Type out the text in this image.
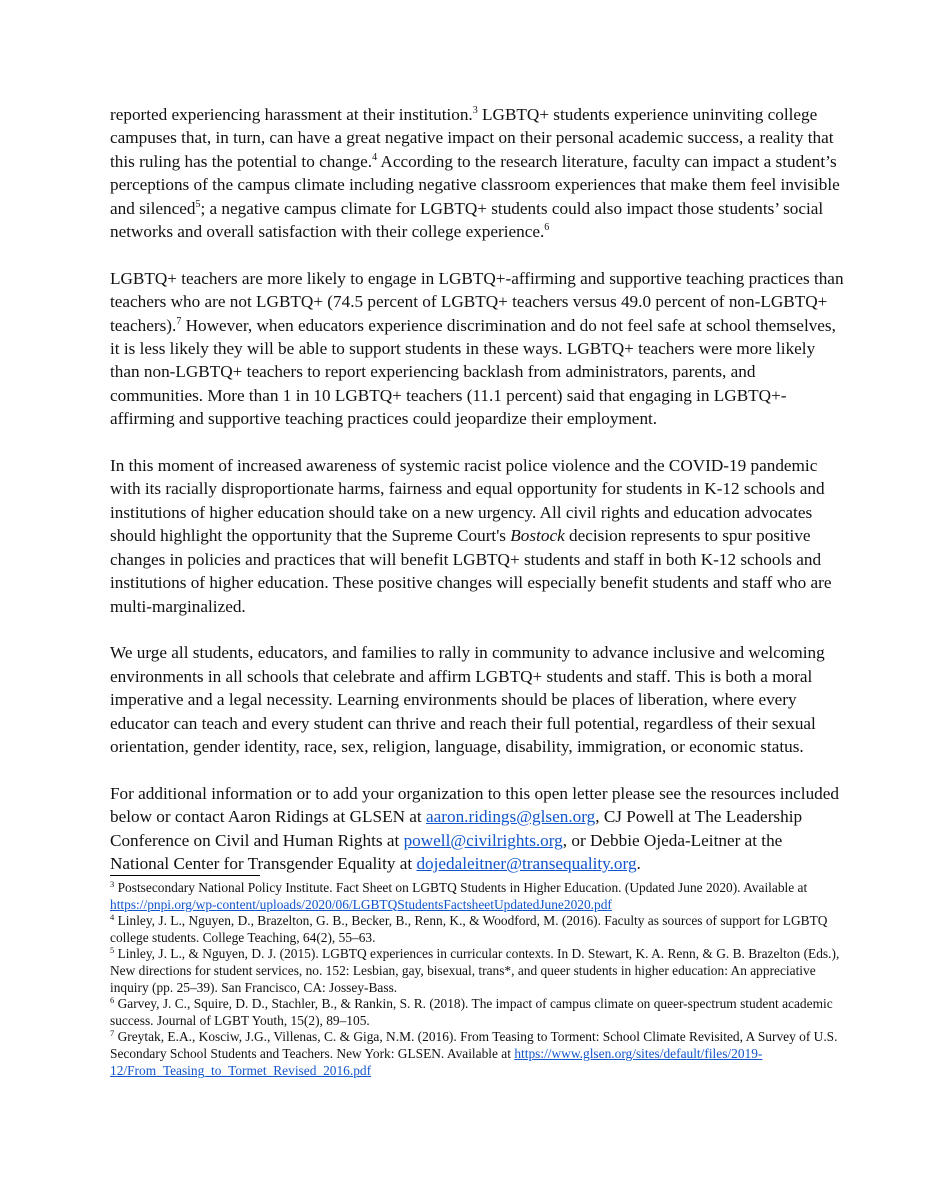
reported experiencing harassment at their institution.$^3$ LGBTQ+ students experience uninviting college campuses that, in turn, can have a great negative impact on their personal academic success, a reality that this ruling has the potential to change.$^4$ According to the research literature, faculty can impact a student’s perceptions of the campus climate including negative classroom experiences that make them feel invisible and silenced$^5$; a negative campus climate for LGBTQ+ students could also impact those students’ social networks and overall satisfaction with their college experience.$^6$

LGBTQ+ teachers are more likely to engage in LGBTQ+-affirming and supportive teaching practices than teachers who are not LGBTQ+ (74.5 percent of LGBTQ+ teachers versus 49.0 percent of non-LGBTQ+ teachers).$^7$ However, when educators experience discrimination and do not feel safe at school themselves, it is less likely they will be able to support students in these ways. LGBTQ+ teachers were more likely than non-LGBTQ+ teachers to report experiencing backlash from administrators, parents, and communities. More than 1 in 10 LGBTQ+ teachers (11.1 percent) said that engaging in LGBTQ+-affirming and supportive teaching practices could jeopardize their employment.

In this moment of increased awareness of systemic racist police violence and the COVID-19 pandemic with its racially disproportionate harms, fairness and equal opportunity for students in K-12 schools and institutions of higher education should take on a new urgency. All civil rights and education advocates should highlight the opportunity that the Supreme Court's Bostock decision represents to spur positive changes in policies and practices that will benefit LGBTQ+ students and staff in both K-12 schools and institutions of higher education. These positive changes will especially benefit students and staff who are multi-marginalized.

We urge all students, educators, and families to rally in community to advance inclusive and welcoming environments in all schools that celebrate and affirm LGBTQ+ students and staff. This is both a moral imperative and a legal necessity. Learning environments should be places of liberation, where every educator can teach and every student can thrive and reach their full potential, regardless of their sexual orientation, gender identity, race, sex, religion, language, disability, immigration, or economic status.

For additional information or to add your organization to this open letter please see the resources included below or contact Aaron Ridings at GLSEN at aaron.ridings@glsen.org, CJ Powell at The Leadership Conference on Civil and Human Rights at powell@civilrights.org, or Debbie Ojeda-Leitner at the National Center for Transgender Equality at dojedaleitner@transequality.org.

$^3$ Postsecondary National Policy Institute. Fact Sheet on LGBTQ Students in Higher Education. (Updated June 2020). Available at https://pnpi.org/wp-content/uploads/2020/06/LGBTQStudentsFactsheetUpdatedJune2020.pdf

$^4$ Linley, J. L., Nguyen, D., Brazelton, G. B., Becker, B., Renn, K., & Woodford, M. (2016). Faculty as sources of support for LGBTQ college students. College Teaching, 64(2), 55–63.

$^5$ Linley, J. L., & Nguyen, D. J. (2015). LGBTQ experiences in curricular contexts. In D. Stewart, K. A. Renn, & G. B. Brazelton (Eds.), New directions for student services, no. 152: Lesbian, gay, bisexual, trans*, and queer students in higher education: An appreciative inquiry (pp. 25–39). San Francisco, CA: Jossey-Bass.

$^6$ Garvey, J. C., Squire, D. D., Stachler, B., & Rankin, S. R. (2018). The impact of campus climate on queer-spectrum student academic success. Journal of LGBT Youth, 15(2), 89–105.

$^7$ Greytak, E.A., Kosciw, J.G., Villenas, C. & Giga, N.M. (2016). From Teasing to Torment: School Climate Revisited, A Survey of U.S. Secondary School Students and Teachers. New York: GLSEN. Available at https://www.glsen.org/sites/default/files/2019-12/From_Teasing_to_Tormet_Revised_2016.pdf
